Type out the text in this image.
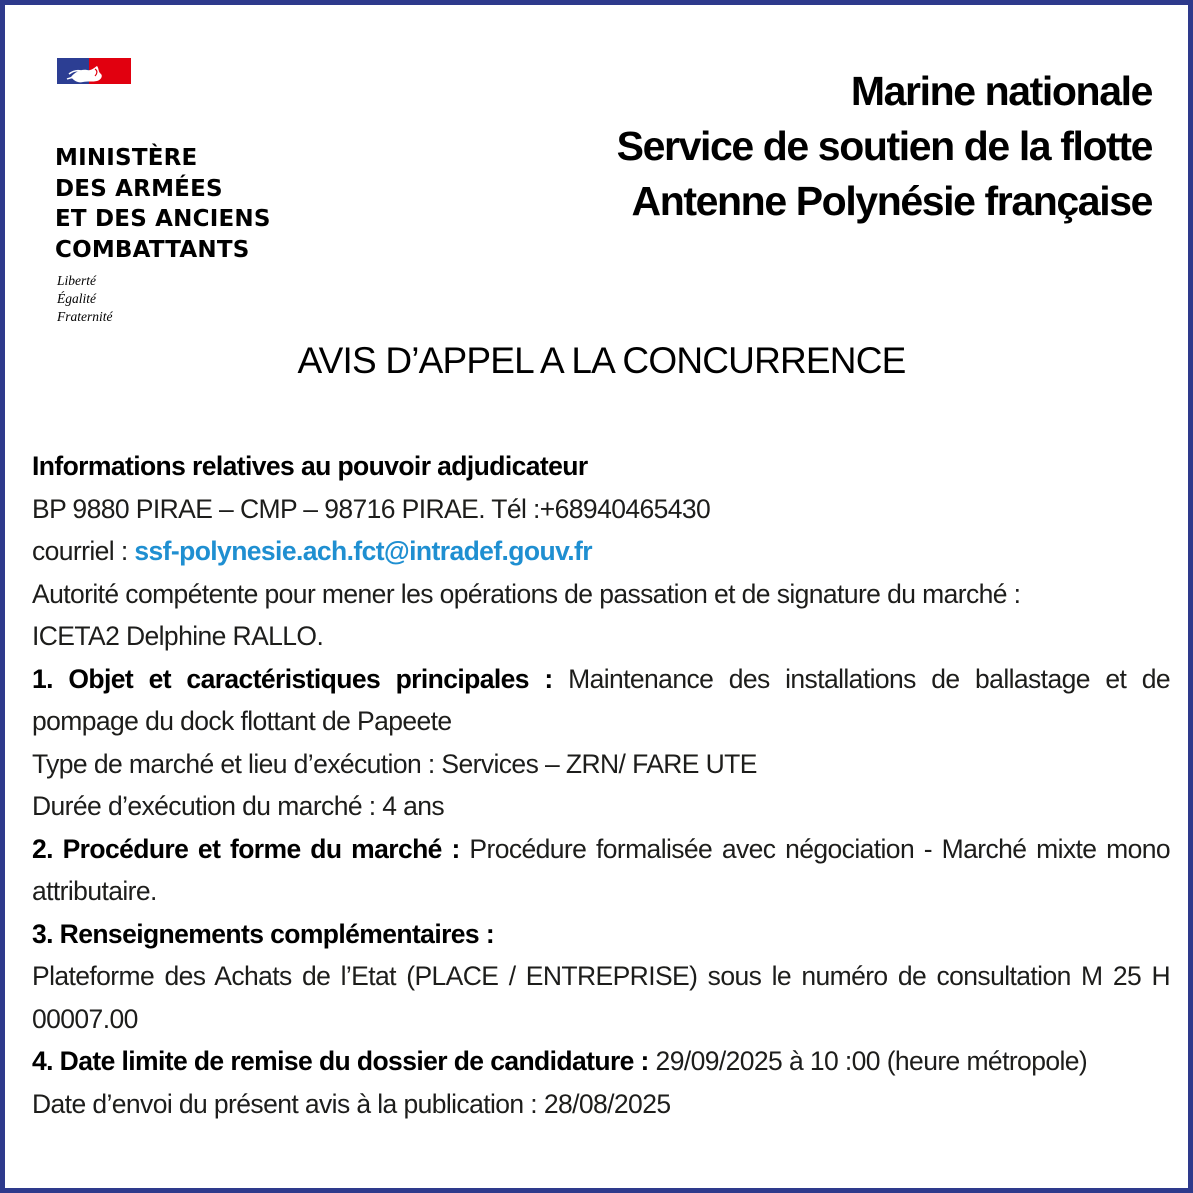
MINISTÈRE
DES ARMÉES
ET DES ANCIENS
COMBATTANTS

Liberté
Égalité
Fraternité
Marine nationale
Service de soutien de la flotte
Antenne Polynésie française
AVIS D’APPEL A LA CONCURRENCE

Informations relatives au pouvoir adjudicateur

BP 9880 PIRAE – CMP – 98716 PIRAE. Tél :+68940465430

courriel : ssf-polynesie.ach.fct@intradef.gouv.fr

Autorité compétente pour mener les opérations de passation et de signature du marché :

ICETA2 Delphine RALLO.

1. Objet et caractéristiques principales : Maintenance des installations de ballastage et de pompage du dock flottant de Papeete

Type de marché et lieu d’exécution : Services – ZRN/ FARE UTE

Durée d’exécution du marché : 4 ans

2. Procédure et forme du marché : Procédure formalisée avec négociation - Marché mixte mono attributaire.

3. Renseignements complémentaires :

Plateforme des Achats de l’Etat (PLACE / ENTREPRISE) sous le numéro de consultation M 25 H 00007.00

4. Date limite de remise du dossier de candidature : 29/09/2025 à 10 :00 (heure métropole)

Date d’envoi du présent avis à la publication : 28/08/2025
